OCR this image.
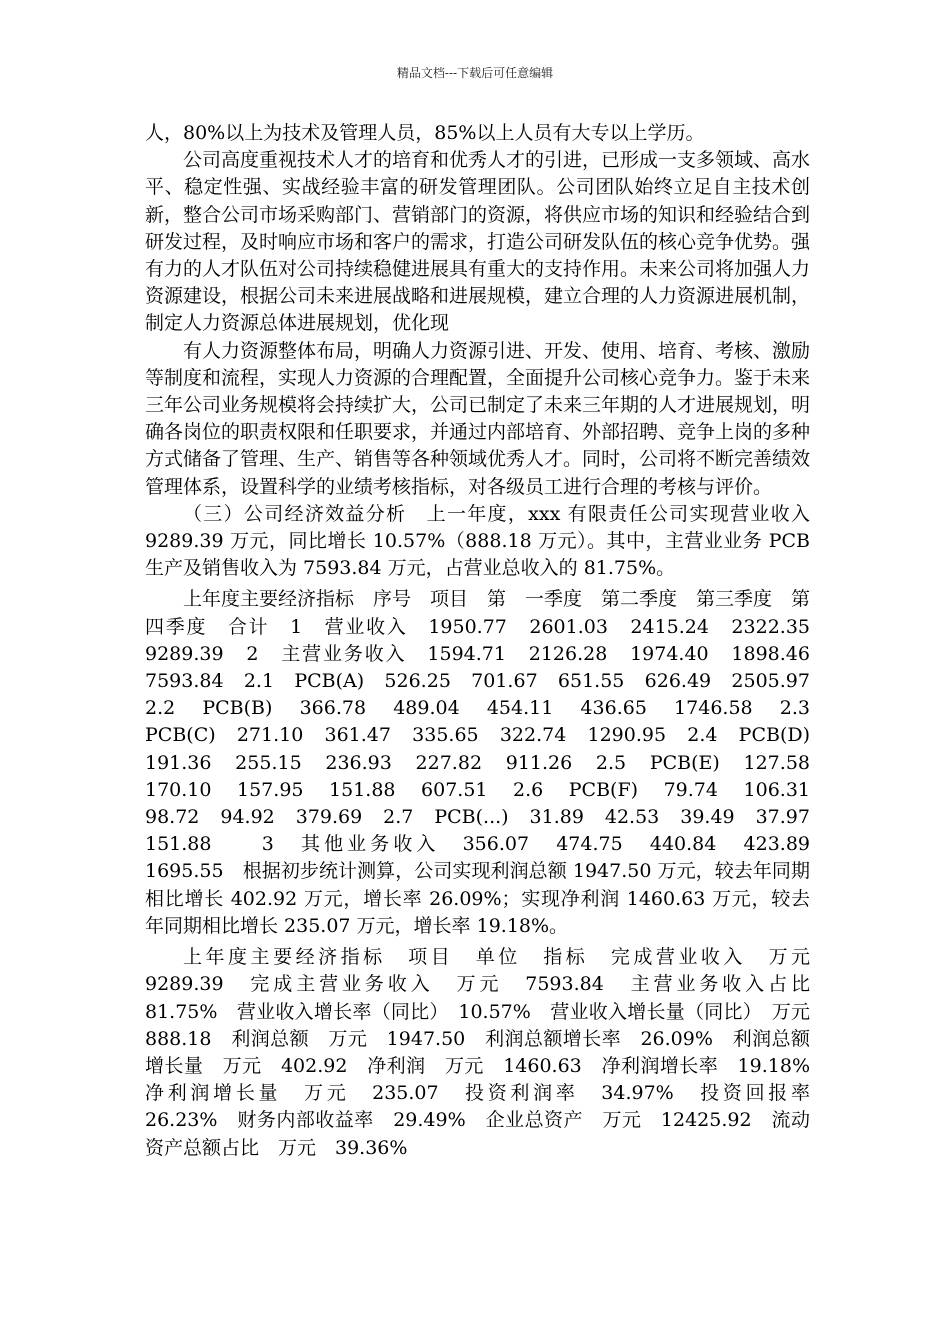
精品文档---下载后可任意编辑

人，80%以上为技术及管理人员，85%以上人员有大专以上学历。

公司高度重视技术人才的培育和优秀人才的引进，已形成一支多领域、高水平、稳定性强、实战经验丰富的研发管理团队。公司团队始终立足自主技术创新，整合公司市场采购部门、营销部门的资源，将供应市场的知识和经验结合到研发过程，及时响应市场和客户的需求，打造公司研发队伍的核心竞争优势。强有力的人才队伍对公司持续稳健进展具有重大的支持作用。未来公司将加强人力资源建设，根据公司未来进展战略和进展规模，建立合理的人力资源进展机制，制定人力资源总体进展规划，优化现

有人力资源整体布局，明确人力资源引进、开发、使用、培育、考核、激励等制度和流程，实现人力资源的合理配置，全面提升公司核心竞争力。鉴于未来三年公司业务规模将会持续扩大，公司已制定了未来三年期的人才进展规划，明确各岗位的职责权限和任职要求，并通过内部培育、外部招聘、竞争上岗的多种方式储备了管理、生产、销售等各种领域优秀人才。同时，公司将不断完善绩效管理体系，设置科学的业绩考核指标，对各级员工进行合理的考核与评价。

（三）公司经济效益分析　上一年度，xxx 有限责任公司实现营业收入 9289.39 万元，同比增长 10.57%（888.18 万元）。其中，主营业业务 PCB 生产及销售收入为 7593.84 万元，占营业总收入的 81.75%。

上年度主要经济指标　序号　项目　第　一季度　第二季度　第三季度　第四季度　合计　1　营业收入　1950.77　2601.03　2415.24　2322.35　9289.39　2　主营业务收入　1594.71　2126.28　1974.40　1898.46　7593.84　2.1　PCB(A)　526.25　701.67　651.55　626.49　2505.97　2.2　PCB(B)　366.78　489.04　454.11　436.65　1746.58　2.3　PCB(C)　271.10　361.47　335.65　322.74　1290.95　2.4　PCB(D)　191.36　255.15　236.93　227.82　911.26　2.5　PCB(E)　127.58　170.10　157.95　151.88　607.51　2.6　PCB(F)　79.74　106.31　98.72　94.92　379.69　2.7　PCB(...)　31.89　42.53　39.49　37.97　151.88　　3　其他业务收入　356.07　474.75　440.84　423.89　1695.55　根据初步统计测算，公司实现利润总额 1947.50 万元，较去年同期相比增长 402.92 万元，增长率 26.09%；实现净利润 1460.63 万元，较去年同期相比增长 235.07 万元，增长率 19.18%。

上年度主要经济指标　项目　单位　指标　完成营业收入　万元　9289.39　完成主营业务收入　万元　7593.84　主营业务收入占比　81.75%　营业收入增长率（同比）　10.57%　营业收入增长量（同比）　万元　888.18　利润总额　万元　1947.50　利润总额增长率　26.09%　利润总额增长量　万元　402.92　净利润　万元　1460.63　净利润增长率　19.18%　净利润增长量　万元　235.07　投资利润率　34.97%　投资回报率　26.23%　财务内部收益率　29.49%　企业总资产　万元　12425.92　流动资产总额占比　万元　39.36%
